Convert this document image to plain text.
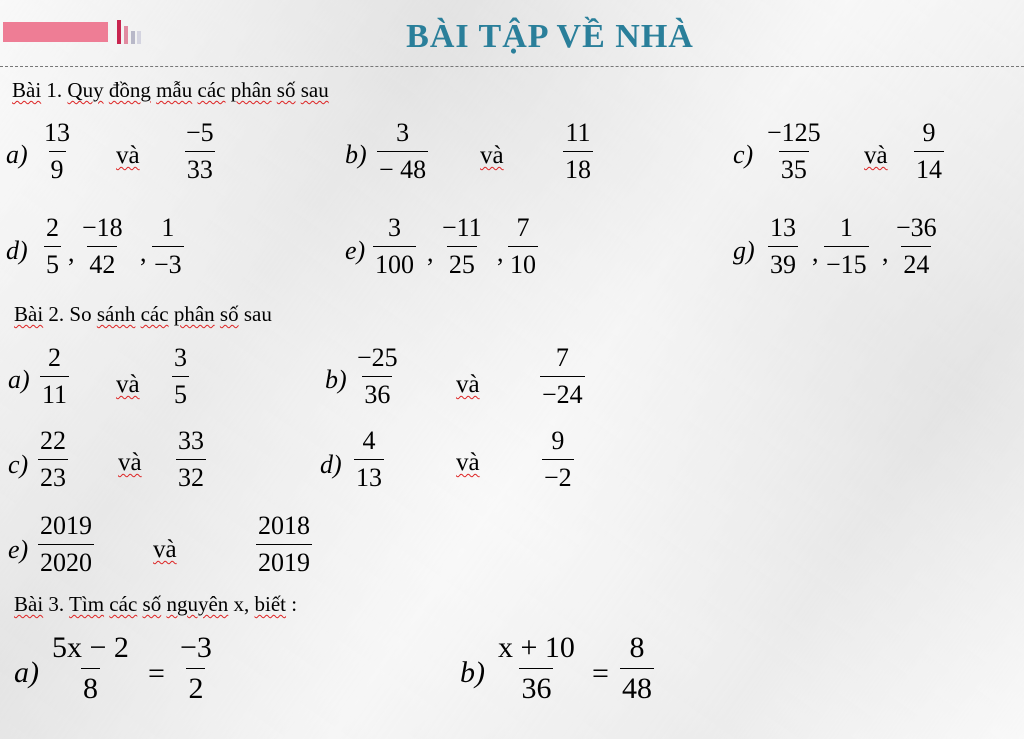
BÀI TẬP VỀ NHÀ
Bài 1. Quy đồng mẫu các phân số sau
$a) \frac{13}{9}$ và $\frac{-5}{33}$	$b) \frac{3}{- 48}$ và $\frac{11}{18}$	$c) \frac{-125}{35}$ và $\frac{9}{14}$
$d) \frac{2}{5}$ , $\frac{-18}{42}$ , $\frac{1}{-3}$	$e) \frac{3}{100}$ , $\frac{-11}{25}$ , $\frac{7}{10}$	$g) \frac{13}{39}$ , $\frac{1}{-15}$ , $\frac{-36}{24}$
Bài 2. So sánh các phân số sau
$a) \frac{2}{11}$ và $\frac{3}{5}$	$b) \frac{-25}{36}$ và $\frac{7}{-24}$
$c) \frac{22}{23}$ và $\frac{33}{32}$	$d) \frac{4}{13}$	và $\frac{9}{-2}$
$e) \frac{2019}{2020}$ và	$\frac{2018}{2019}$
Bài 3. Tìm các số nguyên x, biết :
$a) \frac{5x - 2}{8} = \frac{-3}{2}$	$b) \frac{x + 10}{36} = \frac{8}{48}$
